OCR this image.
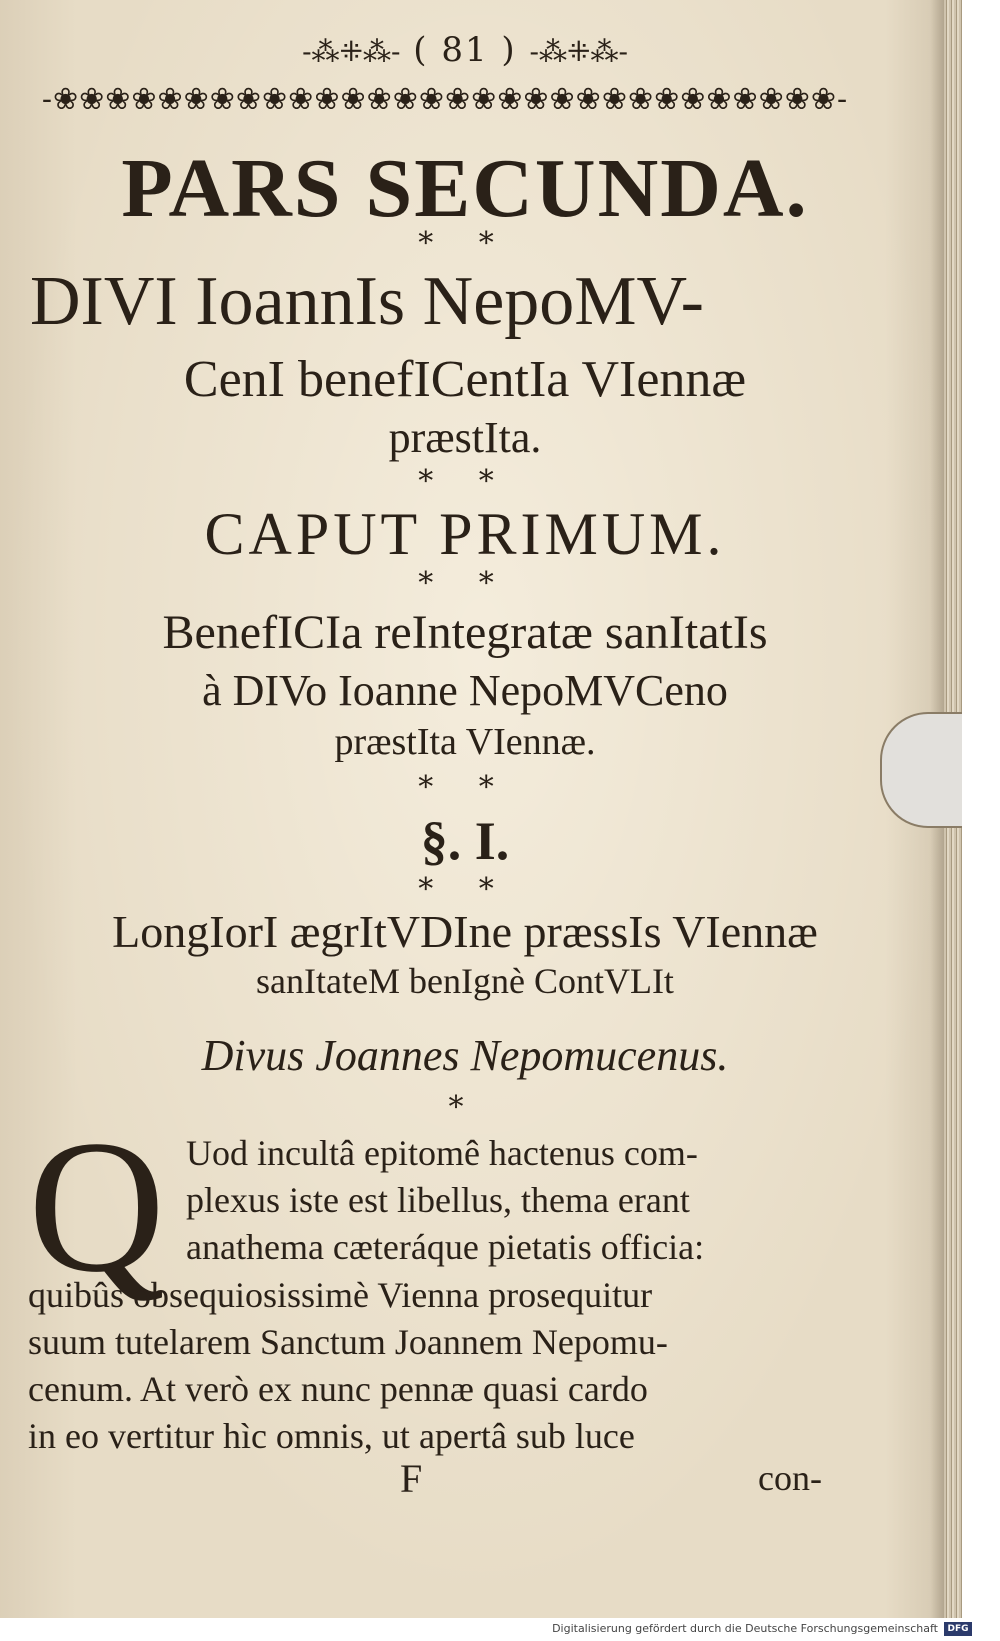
-⁂⁜⁂- ( 81 ) -⁂⁜⁂-
-❀❀❀❀❀❀❀❀❀❀❀❀❀❀❀❀❀❀❀❀❀❀❀❀❀❀❀❀❀❀-
PARS SECUNDA.
* *
DIVI IoannIs NepoMV-
CenI benefICentIa VIennæ
præstIta.
* *
CAPUT PRIMUM.
* *
BenefICIa reIntegratæ sanItatIs
à DIVo Ioanne NepoMVCeno
præstIta VIennæ.
* *
§. I.
* *
LongIorI ægrItVDIne præssIs VIennæ
sanItateM benIgnè ContVLIt
Divus Joannes Nepomucenus.
*
Q Uod incultâ epitomê hactenus com-
plexus iste est libellus, thema erant
anathema cæteráque pietatis officia:
quibûs obsequiosissimè Vienna prosequitur
suum tutelarem Sanctum Joannem Nepomu-
cenum. At verò ex nunc pennæ quasi cardo
in eo vertitur hìc omnis, ut apertâ sub luce
F	con-
Digitalisierung gefördert durch die Deutsche Forschungsgemeinschaft	DFG
